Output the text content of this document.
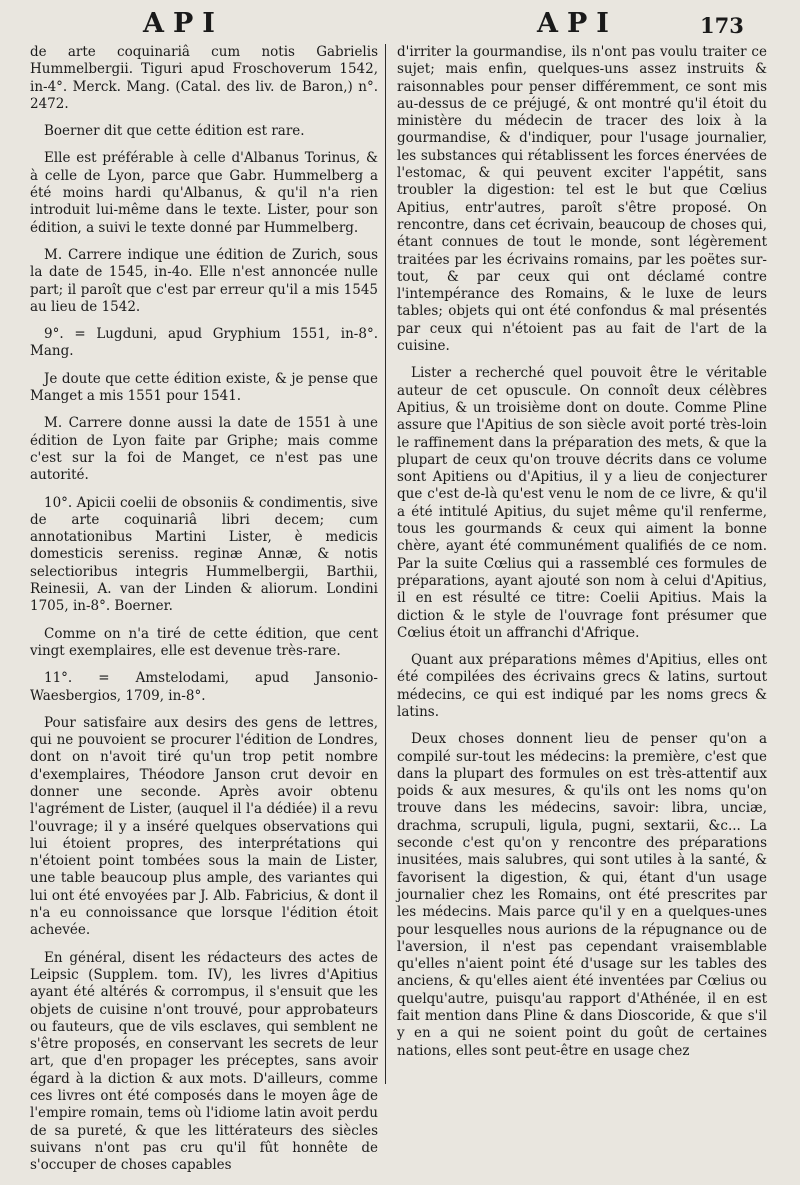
API	API	173

de arte coquinariâ cum notis Gabrielis Hummelbergii. Tiguri apud Froschoverum 1542, in-4°. Merck. Mang. (Catal. des liv. de Baron,) n°. 2472.

Boerner dit que cette édition est rare.

Elle est préférable à celle d'Albanus Torinus, & à celle de Lyon, parce que Gabr. Hummelberg a été moins hardi qu'Albanus, & qu'il n'a rien introduit lui-même dans le texte. Lister, pour son édition, a suivi le texte donné par Hummelberg.

M. Carrere indique une édition de Zurich, sous la date de 1545, in-4o. Elle n'est annoncée nulle part; il paroît que c'est par erreur qu'il a mis 1545 au lieu de 1542.

9°. = Lugduni, apud Gryphium 1551, in-8°. Mang.

Je doute que cette édition existe, & je pense que Manget a mis 1551 pour 1541.

M. Carrere donne aussi la date de 1551 à une édition de Lyon faite par Griphe; mais comme c'est sur la foi de Manget, ce n'est pas une autorité.

10°. Apicii coelii de obsoniis & condimentis, sive de arte coquinariâ libri decem; cum annotationibus Martini Lister, è medicis domesticis sereniss. reginæ Annæ, & notis selectioribus integris Hummelbergii, Barthii, Reinesii, A. van der Linden & aliorum. Londini 1705, in-8°. Boerner.

Comme on n'a tiré de cette édition, que cent vingt exemplaires, elle est devenue très-rare.

11°. = Amstelodami, apud Jansonio-Waesbergios, 1709, in-8°.

Pour satisfaire aux desirs des gens de lettres, qui ne pouvoient se procurer l'édition de Londres, dont on n'avoit tiré qu'un trop petit nombre d'exemplaires, Théodore Janson crut devoir en donner une seconde. Après avoir obtenu l'agrément de Lister, (auquel il l'a dédiée) il a revu l'ouvrage; il y a inséré quelques observations qui lui étoient propres, des interprétations qui n'étoient point tombées sous la main de Lister, une table beaucoup plus ample, des variantes qui lui ont été envoyées par J. Alb. Fabricius, & dont il n'a eu connoissance que lorsque l'édition étoit achevée.

En général, disent les rédacteurs des actes de Leipsic (Supplem. tom. IV), les livres d'Apitius ayant été altérés & corrompus, il s'ensuit que les objets de cuisine n'ont trouvé, pour approbateurs ou fauteurs, que de vils esclaves, qui semblent ne s'être proposés, en conservant les secrets de leur art, que d'en propager les préceptes, sans avoir égard à la diction & aux mots. D'ailleurs, comme ces livres ont été composés dans le moyen âge de l'empire romain, tems où l'idiome latin avoit perdu de sa pureté, & que les littérateurs des siècles suivans n'ont pas cru qu'il fût honnête de s'occuper de choses capables

d'irriter la gourmandise, ils n'ont pas voulu traiter ce sujet; mais enfin, quelques-uns assez instruits & raisonnables pour penser différemment, ce sont mis au-dessus de ce préjugé, & ont montré qu'il étoit du ministère du médecin de tracer des loix à la gourmandise, & d'indiquer, pour l'usage journalier, les substances qui rétablissent les forces énervées de l'estomac, & qui peuvent exciter l'appétit, sans troubler la digestion: tel est le but que Cœlius Apitius, entr'autres, paroît s'être proposé. On rencontre, dans cet écrivain, beaucoup de choses qui, étant connues de tout le monde, sont légèrement traitées par les écrivains romains, par les poëtes sur-tout, & par ceux qui ont déclamé contre l'intempérance des Romains, & le luxe de leurs tables; objets qui ont été confondus & mal présentés par ceux qui n'étoient pas au fait de l'art de la cuisine.

Lister a recherché quel pouvoit être le véritable auteur de cet opuscule. On connoît deux célèbres Apitius, & un troisième dont on doute. Comme Pline assure que l'Apitius de son siècle avoit porté très-loin le raffinement dans la préparation des mets, & que la plupart de ceux qu'on trouve décrits dans ce volume sont Apitiens ou d'Apitius, il y a lieu de conjecturer que c'est de-là qu'est venu le nom de ce livre, & qu'il a été intitulé Apitius, du sujet même qu'il renferme, tous les gourmands & ceux qui aiment la bonne chère, ayant été communément qualifiés de ce nom. Par la suite Cœlius qui a rassemblé ces formules de préparations, ayant ajouté son nom à celui d'Apitius, il en est résulté ce titre: Coelii Apitius. Mais la diction & le style de l'ouvrage font présumer que Cœlius étoit un affranchi d'Afrique.

Quant aux préparations mêmes d'Apitius, elles ont été compilées des écrivains grecs & latins, surtout médecins, ce qui est indiqué par les noms grecs & latins.

Deux choses donnent lieu de penser qu'on a compilé sur-tout les médecins: la première, c'est que dans la plupart des formules on est très-attentif aux poids & aux mesures, & qu'ils ont les noms qu'on trouve dans les médecins, savoir: libra, unciæ, drachma, scrupuli, ligula, pugni, sextarii, &c... La seconde c'est qu'on y rencontre des préparations inusitées, mais salubres, qui sont utiles à la santé, & favorisent la digestion, & qui, étant d'un usage journalier chez les Romains, ont été prescrites par les médecins. Mais parce qu'il y en a quelques-unes pour lesquelles nous aurions de la répugnance ou de l'aversion, il n'est pas cependant vraisemblable qu'elles n'aient point été d'usage sur les tables des anciens, & qu'elles aient été inventées par Cœlius ou quelqu'autre, puisqu'au rapport d'Athénée, il en est fait mention dans Pline & dans Dioscoride, & que s'il y en a qui ne soient point du goût de certaines nations, elles sont peut-être en usage chez
